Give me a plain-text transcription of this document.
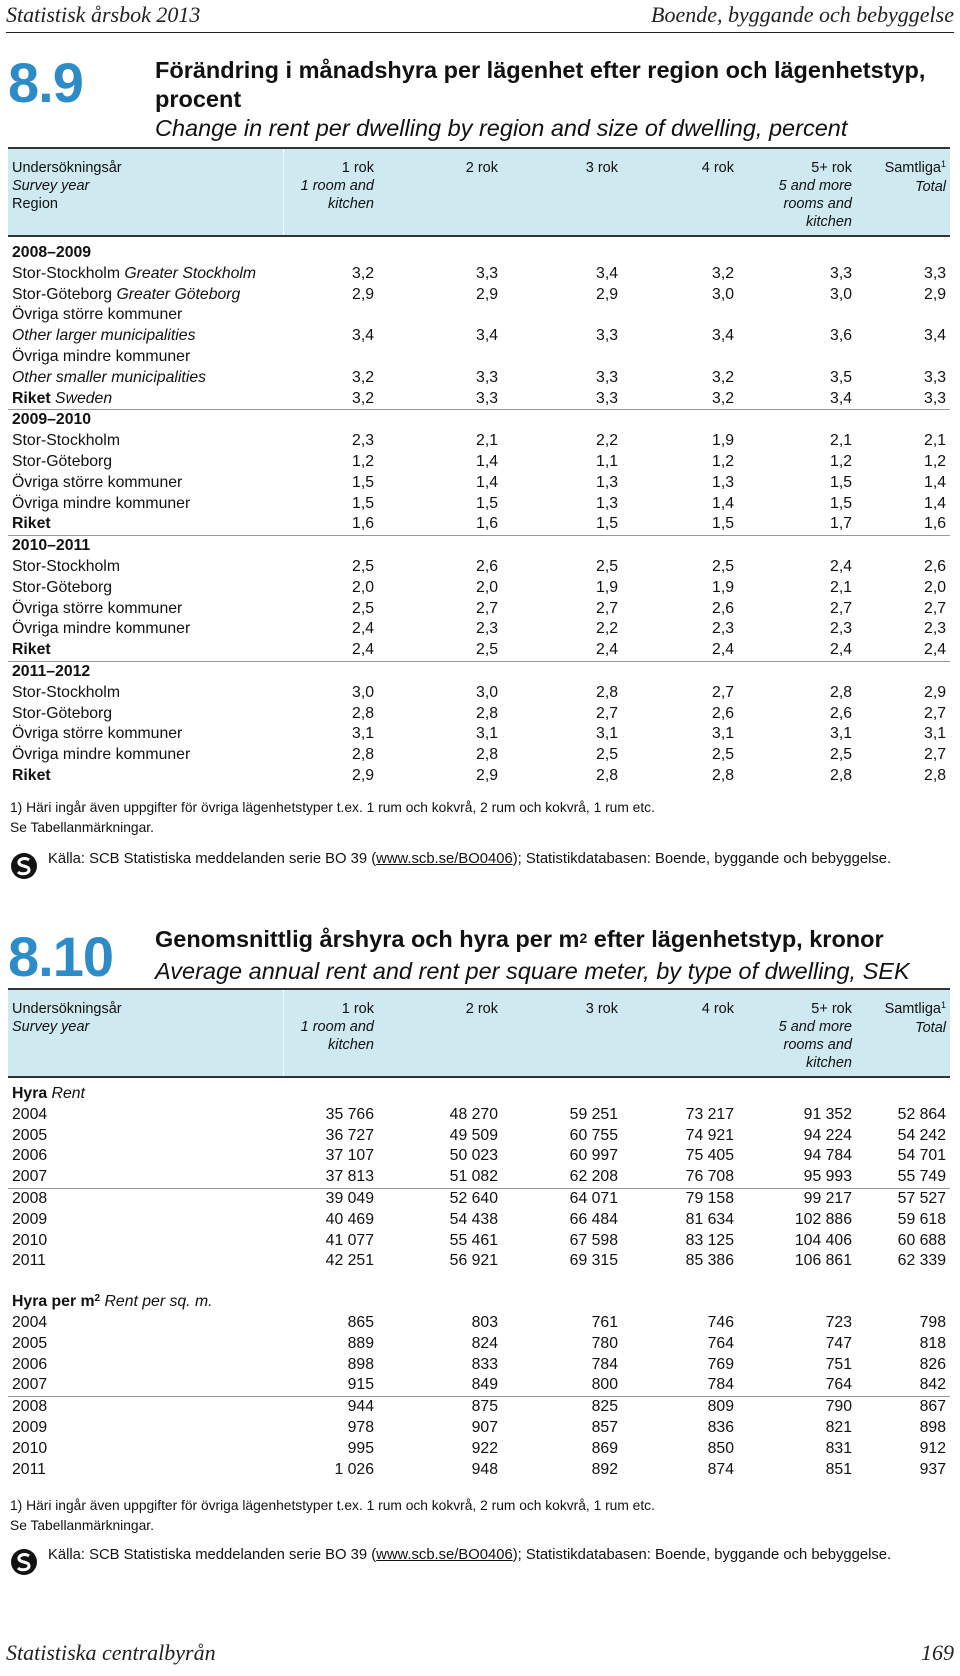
Statistisk årsbok 2013	Boende, byggande och bebyggelse
8.9	Förändring i månadshyra per lägenhet efter region och lägenhetstyp, procent
Change in rent per dwelling by region and size of dwelling, percent
Undersökningsår
Survey year
Region
1 rok
1 room and
kitchen
2 rok	3 rok	4 rok	5+ rok
5 and more
rooms and
kitchen
Samtliga$^1$
Total
2008–2009
Stor-Stockholm Greater Stockholm	3,2	3,3	3,4	3,2	3,3	3,3
Stor-Göteborg Greater Göteborg	2,9	2,9	2,9	3,0	3,0	2,9
Övriga större kommuner
Other larger municipalities	3,4	3,4	3,3	3,4	3,6	3,4
Övriga mindre kommuner
Other smaller municipalities	3,2	3,3	3,3	3,2	3,5	3,3
Riket Sweden	3,2	3,3	3,3	3,2	3,4	3,3
2009–2010
Stor-Stockholm	2,3	2,1	2,2	1,9	2,1	2,1
Stor-Göteborg	1,2	1,4	1,1	1,2	1,2	1,2
Övriga större kommuner	1,5	1,4	1,3	1,3	1,5	1,4
Övriga mindre kommuner	1,5	1,5	1,3	1,4	1,5	1,4
Riket	1,6	1,6	1,5	1,5	1,7	1,6
2010–2011
Stor-Stockholm	2,5	2,6	2,5	2,5	2,4	2,6
Stor-Göteborg	2,0	2,0	1,9	1,9	2,1	2,0
Övriga större kommuner	2,5	2,7	2,7	2,6	2,7	2,7
Övriga mindre kommuner	2,4	2,3	2,2	2,3	2,3	2,3
Riket	2,4	2,5	2,4	2,4	2,4	2,4
2011–2012
Stor-Stockholm	3,0	3,0	2,8	2,7	2,8	2,9
Stor-Göteborg	2,8	2,8	2,7	2,6	2,6	2,7
Övriga större kommuner	3,1	3,1	3,1	3,1	3,1	3,1
Övriga mindre kommuner	2,8	2,8	2,5	2,5	2,5	2,7
Riket	2,9	2,9	2,8	2,8	2,8	2,8
1) Häri ingår även uppgifter för övriga lägenhetstyper t.ex. 1 rum och kokvrå, 2 rum och kokvrå, 1 rum etc.
Se Tabellanmärkningar.
Källa: SCB Statistiska meddelanden serie BO 39 (www.scb.se/BO0406); Statistikdatabasen: Boende, byggande och bebyggelse.
8.10 Genomsnittlig årshyra och hyra per $m^2$ efter lägenhetstyp, kronor
Average annual rent and rent per square meter, by type of dwelling, SEK
Undersökningsår
Survey year
1 rok
1 room and
kitchen
2 rok	3 rok	4 rok	5+ rok
5 and more
rooms and
kitchen
Samtliga$^1$
Total
Hyra Rent
2004	35 766	48 270	59 251	73 217	91 352	52 864
2005	36 727	49 509	60 755	74 921	94 224	54 242
2006	37 107	50 023	60 997	75 405	94 784	54 701
2007	37 813	51 082	62 208	76 708	95 993	55 749
2008	39 049	52 640	64 071	79 158	99 217	57 527
2009	40 469	54 438	66 484	81 634	102 886	59 618
2010	41 077	55 461	67 598	83 125	104 406	60 688
2011	42 251	56 921	69 315	85 386	106 861	62 339
Hyra per $m^2$ Rent per sq. m.
2004	865	803	761	746	723	798
2005	889	824	780	764	747	818
2006	898	833	784	769	751	826
2007	915	849	800	784	764	842
2008	944	875	825	809	790	867
2009	978	907	857	836	821	898
2010	995	922	869	850	831	912
2011	1 026	948	892	874	851	937
1) Häri ingår även uppgifter för övriga lägenhetstyper t.ex. 1 rum och kokvrå, 2 rum och kokvrå, 1 rum etc.
Se Tabellanmärkningar.
Källa: SCB Statistiska meddelanden serie BO 39 (www.scb.se/BO0406); Statistikdatabasen: Boende, byggande och bebyggelse.
Statistiska centralbyrån	169
